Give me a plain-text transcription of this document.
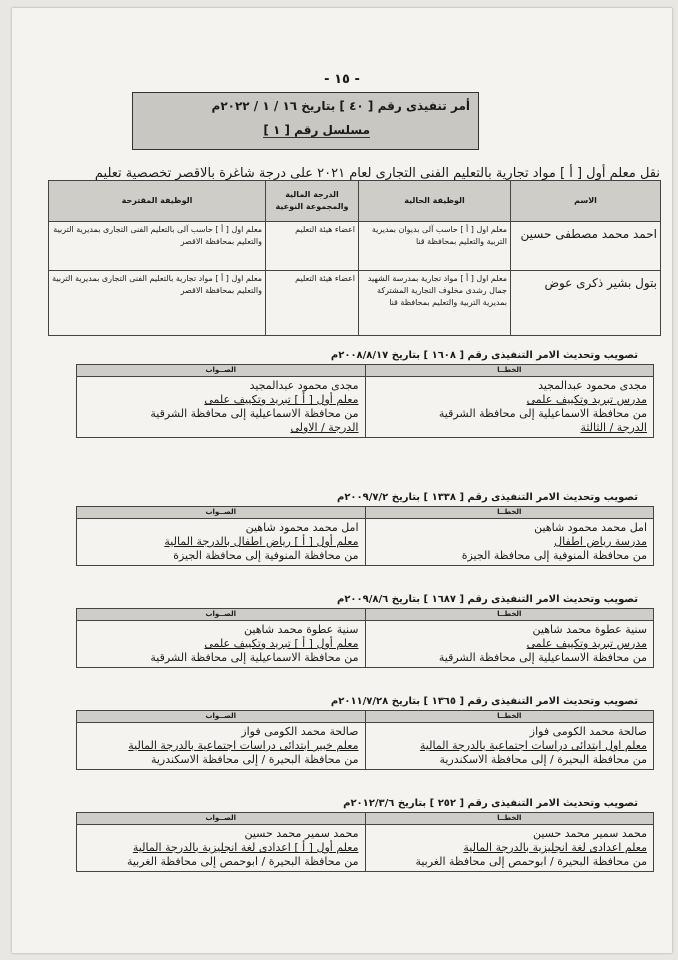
- ١٥ -
أمر تنفيذى رقم [ ٤٠ ] بتاريخ ١٦ / ١ / ٢٠٢٢م
مسلسل رقم [ ١ ]
نقل معلم أول [ أ ] مواد تجارية بالتعليم الفنى التجارى لعام ٢٠٢١ على درجة شاغرة بالاقصر تخصصية تعليم
الاسم	الوظيفة الحالية	الدرجة المالية والمجموعة النوعية	الوظيفة المقترحة
احمد محمد مصطفى حسين	معلم اول [ أ ] حاسب آلى بديوان بمديرية التربية والتعليم بمحافظة قنا	اعضاء هيئة التعليم	معلم اول [ أ ] حاسب آلى بالتعليم الفنى التجارى بمديرية التربية والتعليم بمحافظة الاقصر
بتول بشير ذكرى عوض	معلم اول [ أ ] مواد تجارية بمدرسة الشهيد جمال رشدى مخلوف التجارية المشتركة بمديرية التربية والتعليم بمحافظة قنا	اعضاء هيئة التعليم	معلم اول [ أ ] مواد تجارية بالتعليم الفنى التجارى بمديرية التربية والتعليم بمحافظة الاقصر
تصويب وتحديث الامر التنفيذى رقم [ ١٦٠٨ ] بتاريخ ٢٠٠٨/٨/١٧م
الخطــا
مجدى محمود عبدالمجيد
مدرس تبريد وتكييف علمى
من محافظة الاسماعيلية إلى محافظة الشرقية
الدرجة / الثالثة
الصــواب
مجدى محمود عبدالمجيد
معلم أول [ أ ] تبريد وتكييف علمى
من محافظة الاسماعيلية إلى محافظة الشرقية
الدرجة / الاولى
تصويب وتحديث الامر التنفيذى رقم [ ١٣٣٨ ] بتاريخ ٢٠٠٩/٧/٢م
الخطــا
امل محمد محمود شاهين
مدرسة رياض اطفال
من محافظة المنوفية إلى محافظة الجيزة
الصــواب
امل محمد محمود شاهين
معلم أول [ أ ] رياض اطفال بالدرجة المالية
من محافظة المنوفية إلى محافظة الجيزة
تصويب وتحديث الامر التنفيذى رقم [ ١٦٨٧ ] بتاريخ ٢٠٠٩/٨/٦م
الخطــا
سنية عطوة محمد شاهين
مدرس تبريد وتكييف علمى
من محافظة الاسماعيلية إلى محافظة الشرقية
الصــواب
سنية عطوة محمد شاهين
معلم أول [ أ ] تبريد وتكييف علمى
من محافظة الاسماعيلية إلى محافظة الشرقية
تصويب وتحديث الامر التنفيذى رقم [ ١٣٦٥ ] بتاريخ ٢٠١١/٧/٢٨م
الخطــا
صالحة محمد الكومى فواز
معلم اول ابتدائى دراسات اجتماعية بالدرجة المالية
من محافظة البحيرة / إلى محافظة الاسكندرية
الصــواب
صالحة محمد الكومى فواز
معلم خبير ابتدائى دراسات اجتماعية بالدرجة المالية
من محافظة البحيرة / إلى محافظة الاسكندرية
تصويب وتحديث الامر التنفيذى رقم [ ٢٥٢ ] بتاريخ ٢٠١٢/٣/٦م
الخطــا
محمد سمير محمد حسين
معلم اعدادى لغة انجليزية بالدرجة المالية
من محافظة البحيرة / ابوحمص إلى محافظة الغربية
الصــواب
محمد سمير محمد حسين
معلم أول [ أ ] اعدادى لغة انجليزية بالدرجة المالية
من محافظة البحيرة / ابوحمص إلى محافظة الغربية
